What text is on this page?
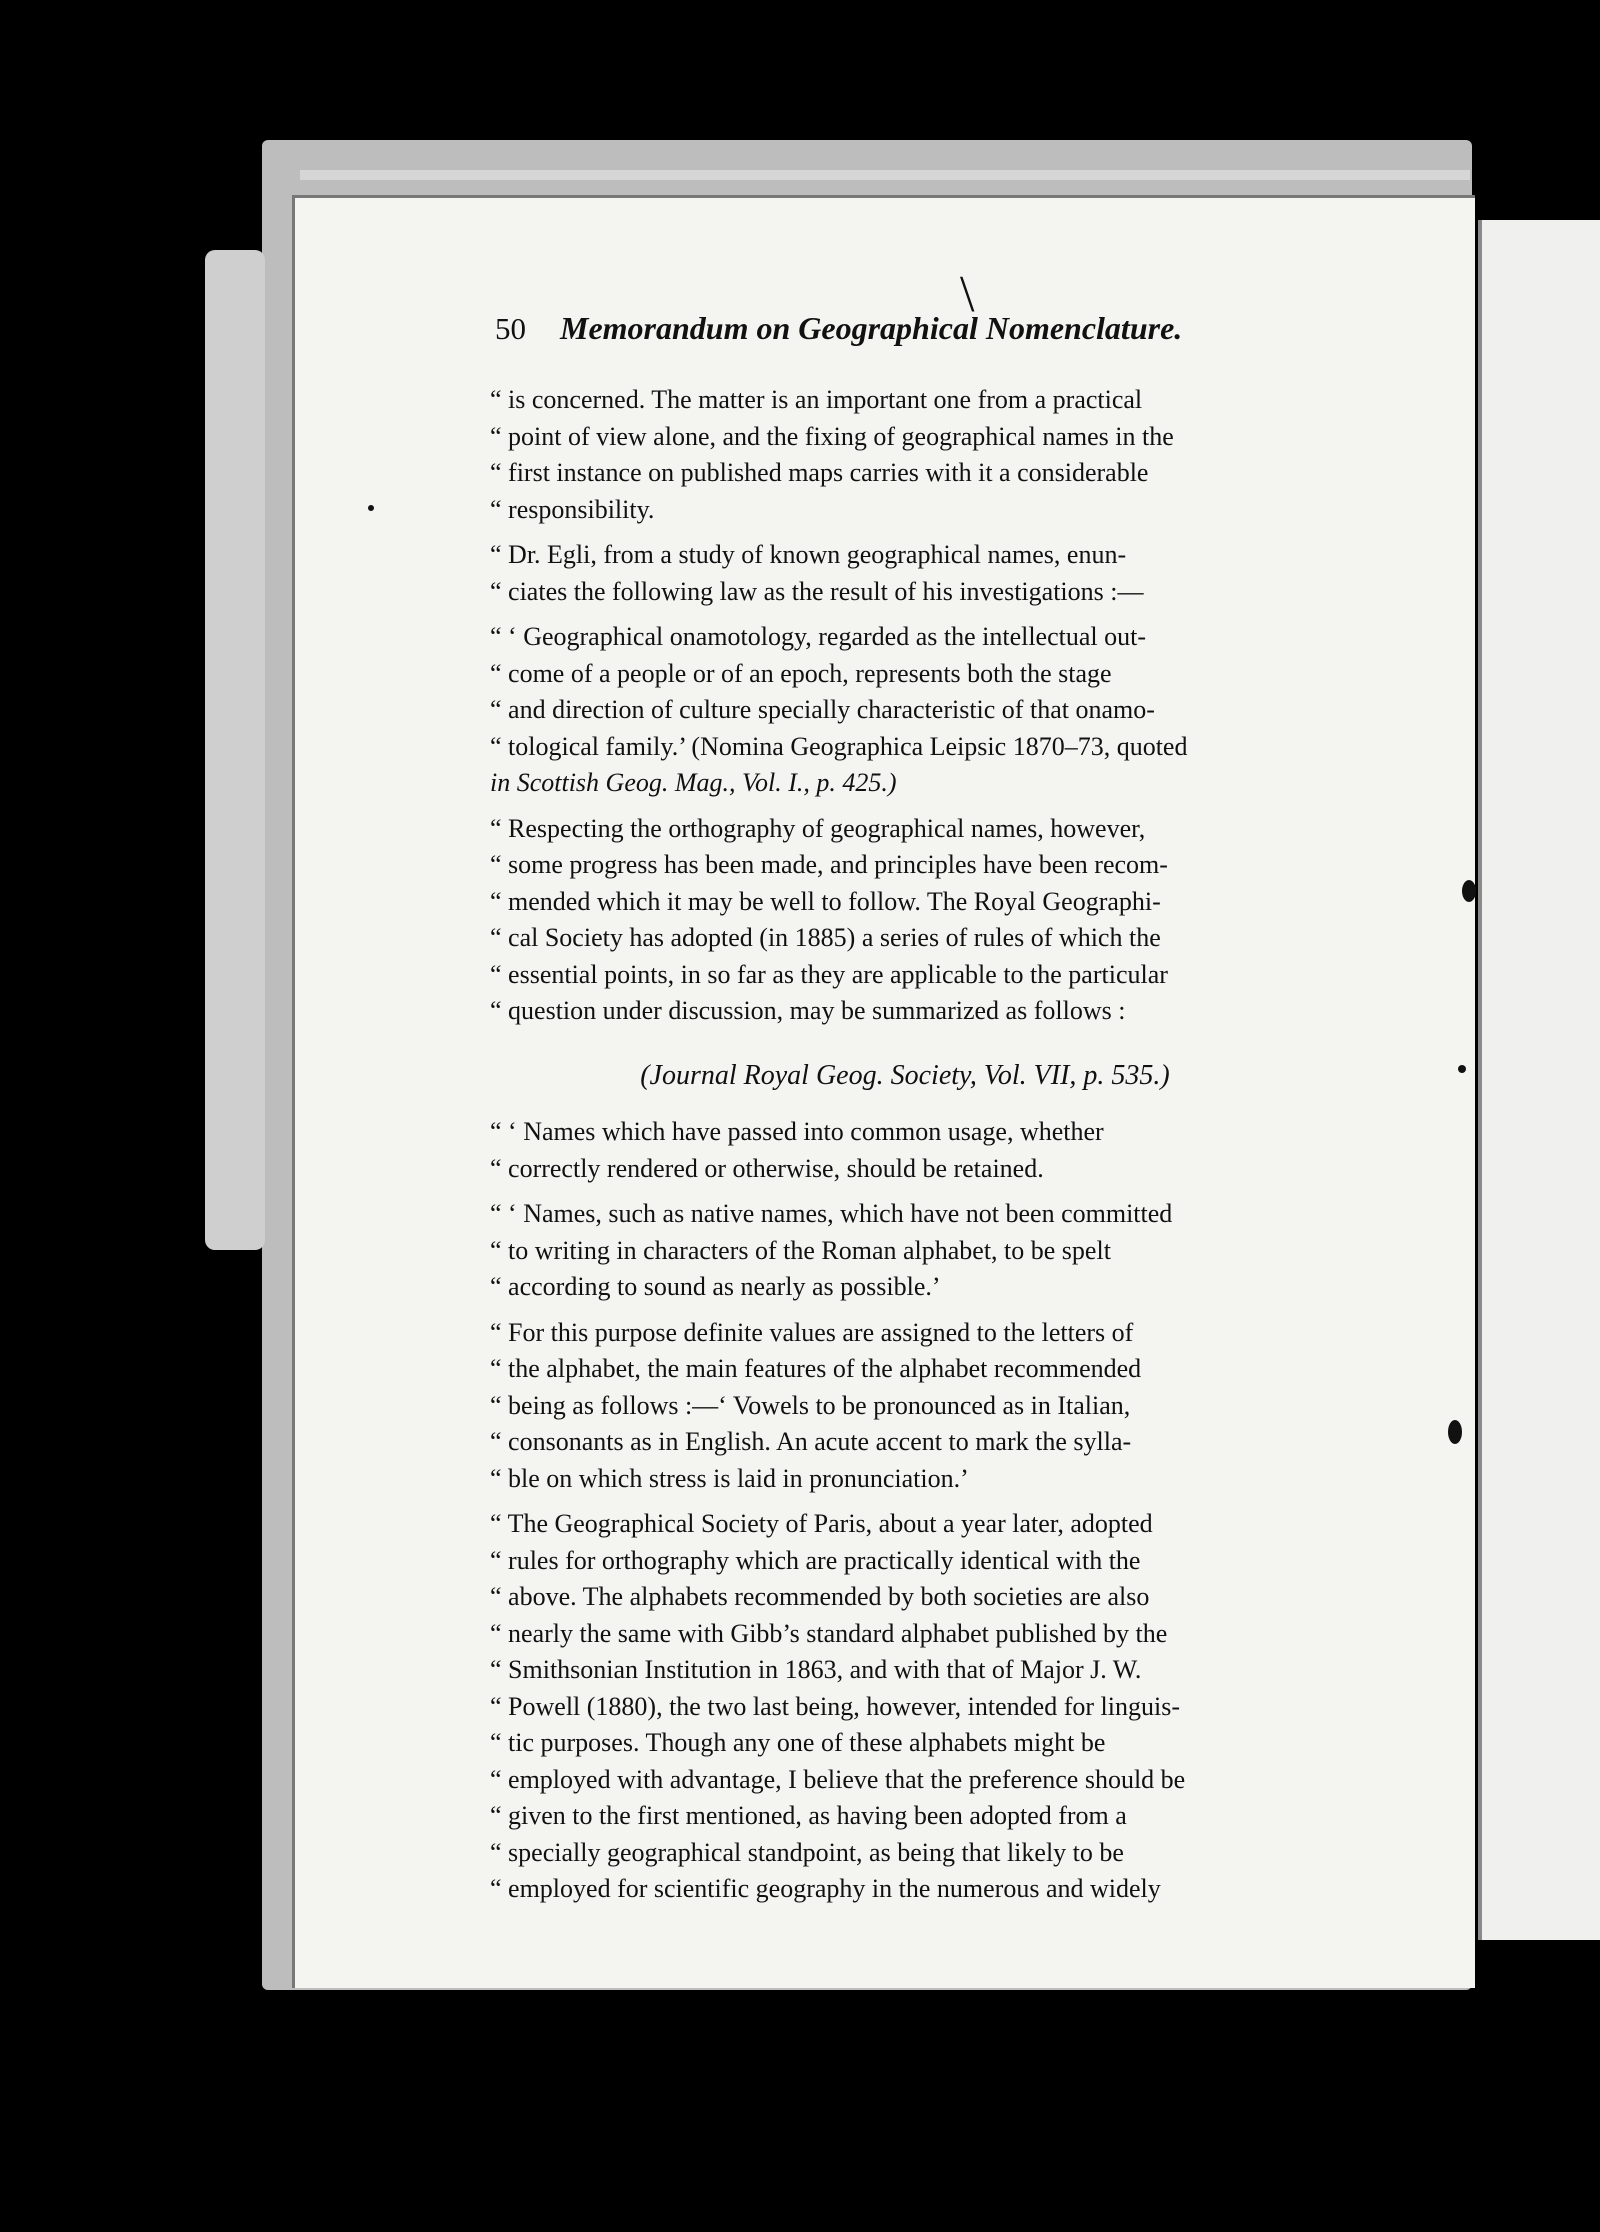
\
50 Memorandum on Geographical Nomenclature.
“ is concerned. The matter is an important one from a practical
“ point of view alone, and the fixing of geographical names in the
“ first instance on published maps carries with it a considerable
“ responsibility.
“ Dr. Egli, from a study of known geographical names, enun-
“ ciates the following law as the result of his investigations :—
“ ‘ Geographical onamotology, regarded as the intellectual out-
“ come of a people or of an epoch, represents both the stage
“ and direction of culture specially characteristic of that onamo-
“ tological family.’ (Nomina Geographica Leipsic 1870–73, quoted
in Scottish Geog. Mag., Vol. I., p. 425.)
“ Respecting the orthography of geographical names, however,
“ some progress has been made, and principles have been recom-
“ mended which it may be well to follow. The Royal Geographi-
“ cal Society has adopted (in 1885) a series of rules of which the
“ essential points, in so far as they are applicable to the particular
“ question under discussion, may be summarized as follows :
(Journal Royal Geog. Society, Vol. VII, p. 535.)
“ ‘ Names which have passed into common usage, whether
“ correctly rendered or otherwise, should be retained.
“ ‘ Names, such as native names, which have not been committed
“ to writing in characters of the Roman alphabet, to be spelt
“ according to sound as nearly as possible.’
“ For this purpose definite values are assigned to the letters of
“ the alphabet, the main features of the alphabet recommended
“ being as follows :—‘ Vowels to be pronounced as in Italian,
“ consonants as in English. An acute accent to mark the sylla-
“ ble on which stress is laid in pronunciation.’
“ The Geographical Society of Paris, about a year later, adopted
“ rules for orthography which are practically identical with the
“ above. The alphabets recommended by both societies are also
“ nearly the same with Gibb’s standard alphabet published by the
“ Smithsonian Institution in 1863, and with that of Major J. W.
“ Powell (1880), the two last being, however, intended for linguis-
“ tic purposes. Though any one of these alphabets might be
“ employed with advantage, I believe that the preference should be
“ given to the first mentioned, as having been adopted from a
“ specially geographical standpoint, as being that likely to be
“ employed for scientific geography in the numerous and widely
